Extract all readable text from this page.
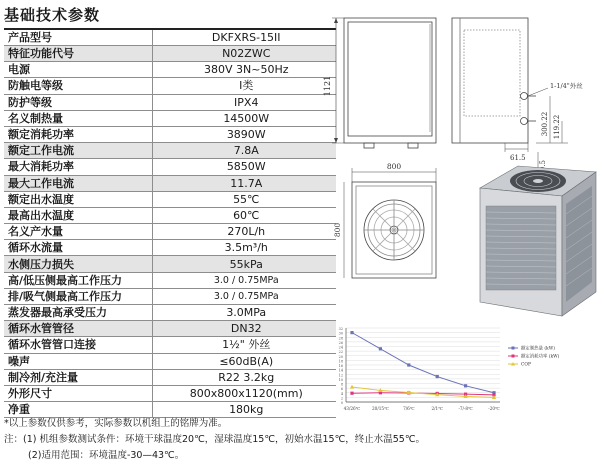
基础技术参数
产品型号	DKFXRS-15II
特征功能代号	N02ZWC
电源	380V 3N~50Hz
防触电等级	I类
防护等级	IPX4
名义制热量	14500W
额定消耗功率	3890W
额定工作电流	7.8A
最大消耗功率	5850W
最大工作电流	11.7A
额定出水温度	55℃
最高出水温度	60℃
名义产水量	270L/h
循环水流量	3.5m³/h
水侧压力损失	55kPa
高/低压侧最高工作压力	3.0 / 0.75MPa
排/吸气侧最高工作压力	3.0 / 0.75MPa
蒸发器最高承受压力	3.0MPa
循环水管管径	DN32
循环水管管口连接	1½" 外丝
噪声	≤60dB(A)
制冷剂/充注量	R22 3.2kg
外形尺寸	800x800x1120(mm)
净重	180kg
1121	1-1/4"外丝
300.22 119.22
61.5
800
800
0
2
4
6
8
10
12
14
16
18
20
22
24
26
28
30
32
43/26℃	20/15℃	7/6℃	2/1℃	-7/-8℃	-20℃
额定制热量 (kW)
额定消耗功率 (kW)
COP
*以上参数仅供参考，实际参数以机组上的铭牌为准。
注：(1) 机组参数测试条件：环境干球温度20℃，湿球温度15℃，初始水温15℃，终止水温55℃。
(2)适用范围：环境温度-30—43℃。
